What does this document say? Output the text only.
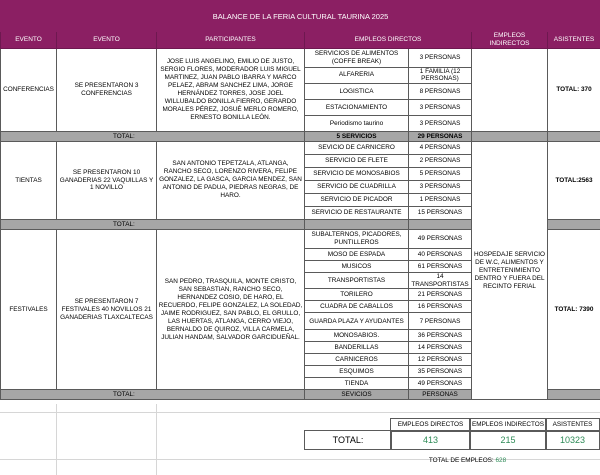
BALANCE DE LA FERIA CULTURAL TAURINA 2025						
EVENTO	EVENTO	PARTICIPANTES	EMPLEOS DIRECTOS		EMPLEOS INDIRECTOS	ASISTENTES
CONFERENCIAS	SE PRESENTARON 3 CONFERENCIAS	JOSE LUIS ANGELINO, EMILIO DE JUSTO, SERGIO FLORES, MODERADOR LUIS MIGUEL MARTINEZ, JUAN PABLO IBARRA Y MARCO PELAEZ, ABRAM SANCHEZ LIMA, JORGE HERNÁNDEZ TORRES, JOSE JOEL WILLUBALDO BONILLA FIERRO, GERARDO MORALES PÉREZ, JOSUÉ MERLO ROMERO, ERNESTO BONILLA LEÓN.	SERVICIOS DE ALIMENTOS (COFFE BREAK)	3 PERSONAS		TOTAL: 370
			ALFARERIA	1 FAMILIA (12 PERSONAS)		
			LOGISTICA	8 PERSONAS		
			ESTACIONAMIENTO	3 PERSONAS		
			Periodismo taurino	3 PERSONAS		
TOTAL:			5 SERVICIOS	29 PERSONAS		
TIENTAS	SE PRESENTARON 10 GANADERIAS 22 VAQUILLAS Y 1 NOVILLO	SAN ANTONIO TEPETZALA, ATLANGA, RANCHO SECO, LORENZO RIVERA, FELIPE GONZALEZ, LA GASCA, GARCIA MENDEZ, SAN ANTONIO DE PADUA, PIEDRAS NEGRAS, DE HARO.	SEVICIO DE CARNICERO	4 PERSONAS	HOSPEDAJE SERVICIO DE W.C, ALIMENTOS Y ENTRETENIMIENTO DENTRO Y FUERA DEL RECINTO FERIAL	TOTAL:2563
			SERVICIO DE FLETE	2 PERSONAS		
			SERVICIO DE MONOSABIOS	5 PERSONAS		
			SERVICIO DE CUADRILLA	3 PERSONAS		
			SERVICIO DE PICADOR	1 PERSONAS		
			SERVICIO DE RESTAURANTE	15 PERSONAS		
TOTAL:						
FESTIVALES	SE PRESENTARON 7 FESTIVALES 40 NOVILLOS 21 GANADERIAS TLAXCALTECAS	SAN PEDRO, TRASQUILA, MONTE CRISTO, SAN SEBASTIAN, RANCHO SECO, HERNANDEZ COSIO, DE HARO, EL RECUERDO, FELIPE GONZALEZ, LA SOLEDAD, JAIME RODRIGUEZ, SAN PABLO, EL GRULLO, LAS HUERTAS, ATLANGA, CERRO VIEJO, BERNALDO DE QUIROZ, VILLA CARMELA, JULIAN HANDAM, SALVADOR GARCIDUEÑAL.	SUBALTERNOS, PICADORES, PUNTILLEROS	49 PERSONAS		TOTAL: 7390
			MOSO DE ESPADA	40 PERSONAS		
			MUSICOS	61 PERSONAS		
			TRANSPORTISTAS	14 TRANSPORTISTAS		
			TORILERO	21 PERSONAS		
			CUADRA DE CABALLOS	16 PERSONAS		
			GUARDA PLAZA Y AYUDANTES	7 PERSONAS		
			MONOSABIOS.	36 PERSONAS		
			BANDERILLAS	14 PERSONAS		
			CARNICEROS	12 PERSONAS		
			ESQUIMOS	35 PERSONAS		
			TIENDA	49 PERSONAS		
TOTAL:			SEVICIOS	PERSONAS		
EMPLEOS DIRECTOS	EMPLEOS INDIRECTOS	ASISTENTES
TOTAL:	413	215	10323
TOTAL DE EMPLEOS: 628
